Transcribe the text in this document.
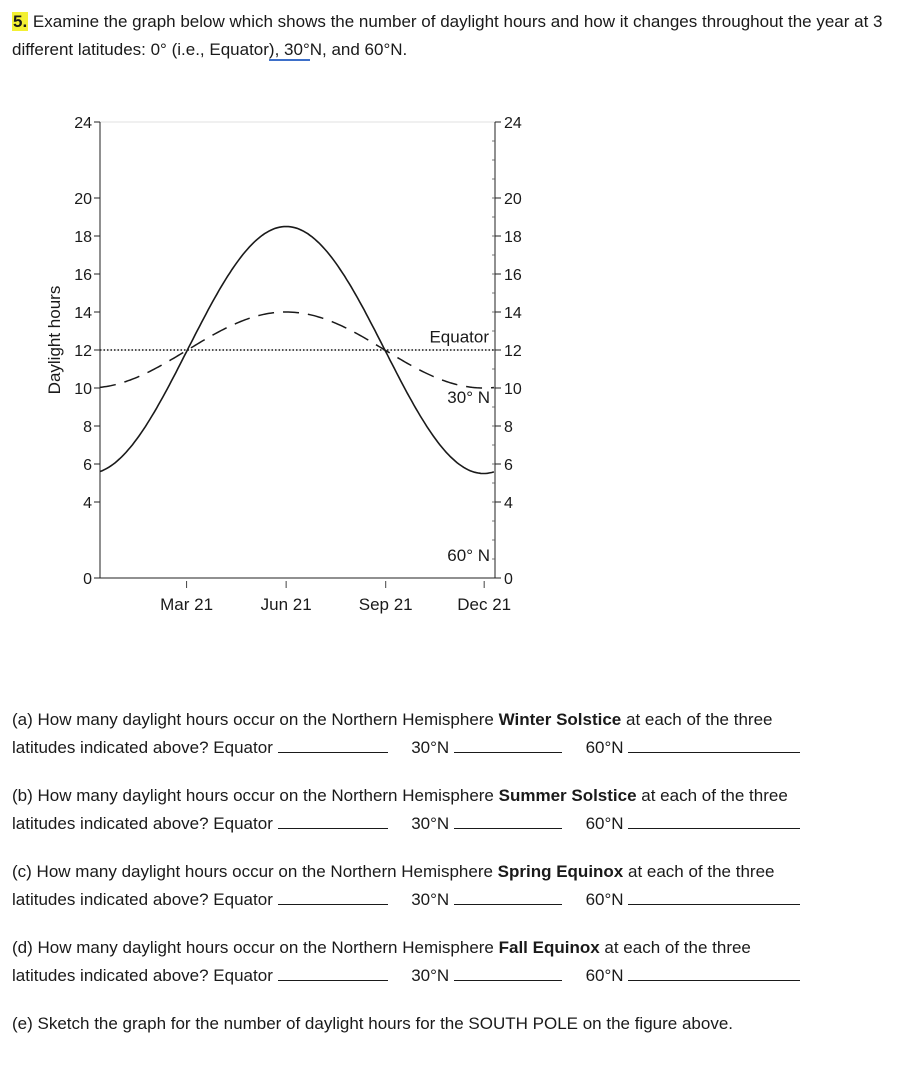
5. Examine the graph below which shows the number of daylight hours and how it changes throughout the year at 3 different latitudes: 0° (i.e., Equator), 30°N, and 60°N.
0
4
6
8
10
12
14
16
18
20
24
0
4
6
8
10
12
14
16
18
20
24
Daylight hours
Mar 21	Jun 21	Sep 21	Dec 21
Equator
30° N
60° N
(a) How many daylight hours occur on the Northern Hemisphere Winter Solstice at each of the three
latitudes indicated above? Equator	30°N	60°N
(b) How many daylight hours occur on the Northern Hemisphere Summer Solstice at each of the three
latitudes indicated above? Equator	30°N	60°N
(c) How many daylight hours occur on the Northern Hemisphere Spring Equinox at each of the three
latitudes indicated above? Equator	30°N	60°N
(d) How many daylight hours occur on the Northern Hemisphere Fall Equinox at each of the three
latitudes indicated above? Equator	30°N	60°N
(e) Sketch the graph for the number of daylight hours for the SOUTH POLE on the figure above.
